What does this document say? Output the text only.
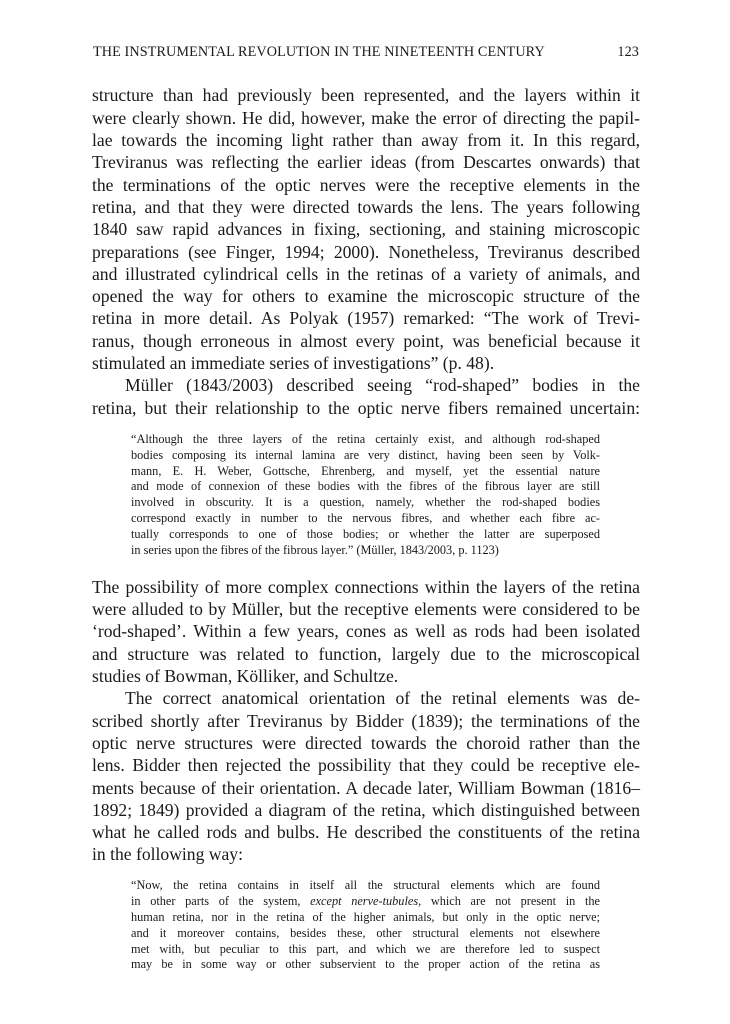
THE INSTRUMENTAL REVOLUTION IN THE NINETEENTH CENTURY	123

structure than had previously been represented, and the layers within it

were clearly shown. He did, however, make the error of directing the papil-

lae towards the incoming light rather than away from it. In this regard,

Treviranus was reflecting the earlier ideas (from Descartes onwards) that

the terminations of the optic nerves were the receptive elements in the

retina, and that they were directed towards the lens. The years following

1840 saw rapid advances in fixing, sectioning, and staining microscopic

preparations (see Finger, 1994; 2000). Nonetheless, Treviranus described

and illustrated cylindrical cells in the retinas of a variety of animals, and

opened the way for others to examine the microscopic structure of the

retina in more detail. As Polyak (1957) remarked: “The work of Trevi-

ranus, though erroneous in almost every point, was beneficial because it

stimulated an immediate series of investigations” (p. 48).

Müller (1843/2003) described seeing “rod-shaped” bodies in the

retina, but their relationship to the optic nerve fibers remained uncertain:

“Although the three layers of the retina certainly exist, and although rod-shaped

bodies composing its internal lamina are very distinct, having been seen by Volk-

mann, E. H. Weber, Gottsche, Ehrenberg, and myself, yet the essential nature

and mode of connexion of these bodies with the fibres of the fibrous layer are still

involved in obscurity. It is a question, namely, whether the rod-shaped bodies

correspond exactly in number to the nervous fibres, and whether each fibre ac-

tually corresponds to one of those bodies; or whether the latter are superposed

in series upon the fibres of the fibrous layer.” (Müller, 1843/2003, p. 1123)

The possibility of more complex connections within the layers of the retina

were alluded to by Müller, but the receptive elements were considered to be

‘rod-shaped’. Within a few years, cones as well as rods had been isolated

and structure was related to function, largely due to the microscopical

studies of Bowman, Kölliker, and Schultze.

The correct anatomical orientation of the retinal elements was de-

scribed shortly after Treviranus by Bidder (1839); the terminations of the

optic nerve structures were directed towards the choroid rather than the

lens. Bidder then rejected the possibility that they could be receptive ele-

ments because of their orientation. A decade later, William Bowman (1816–

1892; 1849) provided a diagram of the retina, which distinguished between

what he called rods and bulbs. He described the constituents of the retina

in the following way:

“Now, the retina contains in itself all the structural elements which are found

in other parts of the system, except nerve-tubules, which are not present in the

human retina, nor in the retina of the higher animals, but only in the optic nerve;

and it moreover contains, besides these, other structural elements not elsewhere

met with, but peculiar to this part, and which we are therefore led to suspect

may be in some way or other subservient to the proper action of the retina as
